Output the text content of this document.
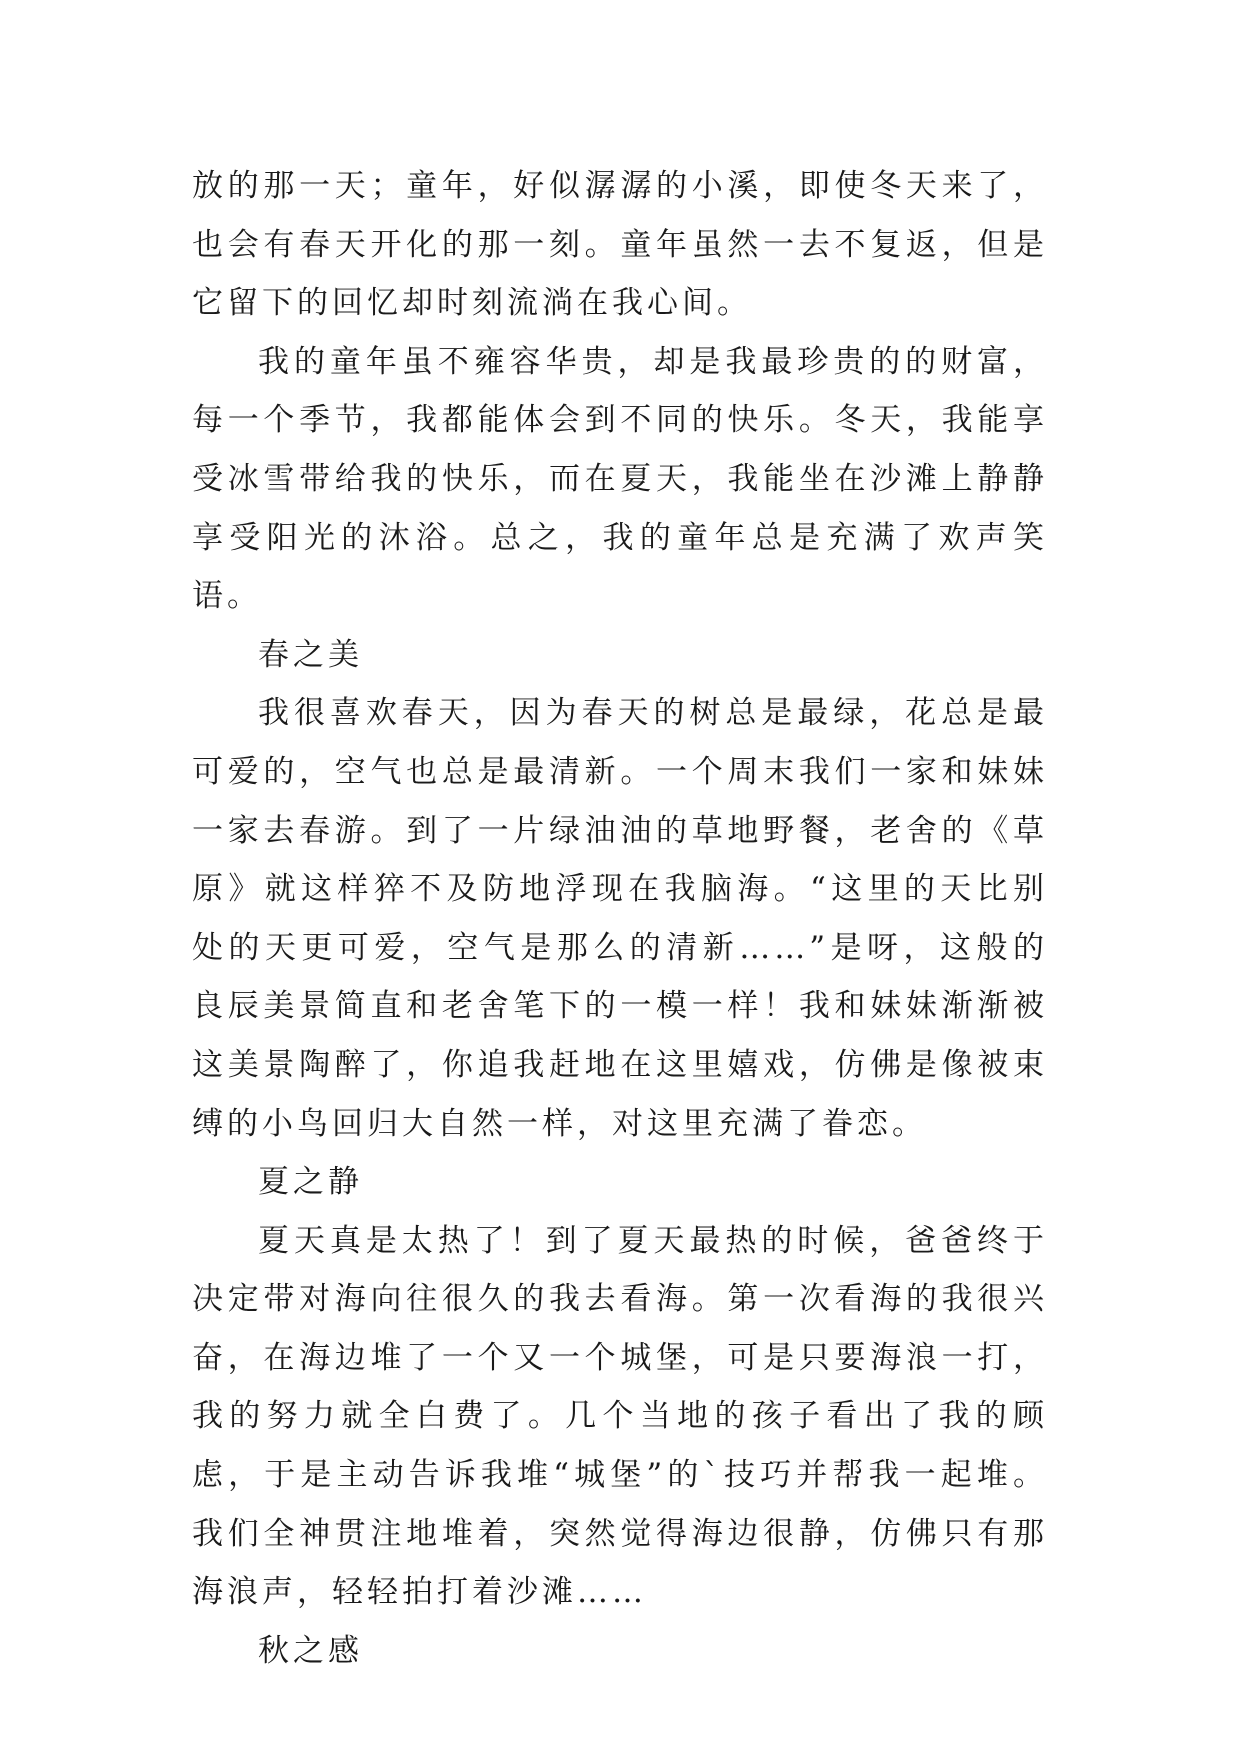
放的那一天；童年，好似潺潺的小溪，即使冬天来了，也会有春天开化的那一刻。童年虽然一去不复返，但是它留下的回忆却时刻流淌在我心间。

我的童年虽不雍容华贵，却是我最珍贵的的财富，每一个季节，我都能体会到不同的快乐。冬天，我能享受冰雪带给我的快乐，而在夏天，我能坐在沙滩上静静享受阳光的沐浴。总之，我的童年总是充满了欢声笑语。

春之美

我很喜欢春天，因为春天的树总是最绿，花总是最可爱的，空气也总是最清新。一个周末我们一家和妹妹一家去春游。到了一片绿油油的草地野餐，老舍的《草原》就这样猝不及防地浮现在我脑海。“这里的天比别处的天更可爱，空气是那么的清新……”是呀，这般的良辰美景简直和老舍笔下的一模一样！我和妹妹渐渐被这美景陶醉了，你追我赶地在这里嬉戏，仿佛是像被束缚的小鸟回归大自然一样，对这里充满了眷恋。

夏之静

夏天真是太热了！到了夏天最热的时候，爸爸终于决定带对海向往很久的我去看海。第一次看海的我很兴奋，在海边堆了一个又一个城堡，可是只要海浪一打，我的努力就全白费了。几个当地的孩子看出了我的顾虑，于是主动告诉我堆“城堡”的`技巧并帮我一起堆。我们全神贯注地堆着，突然觉得海边很静，仿佛只有那海浪声，轻轻拍打着沙滩……

秋之感
